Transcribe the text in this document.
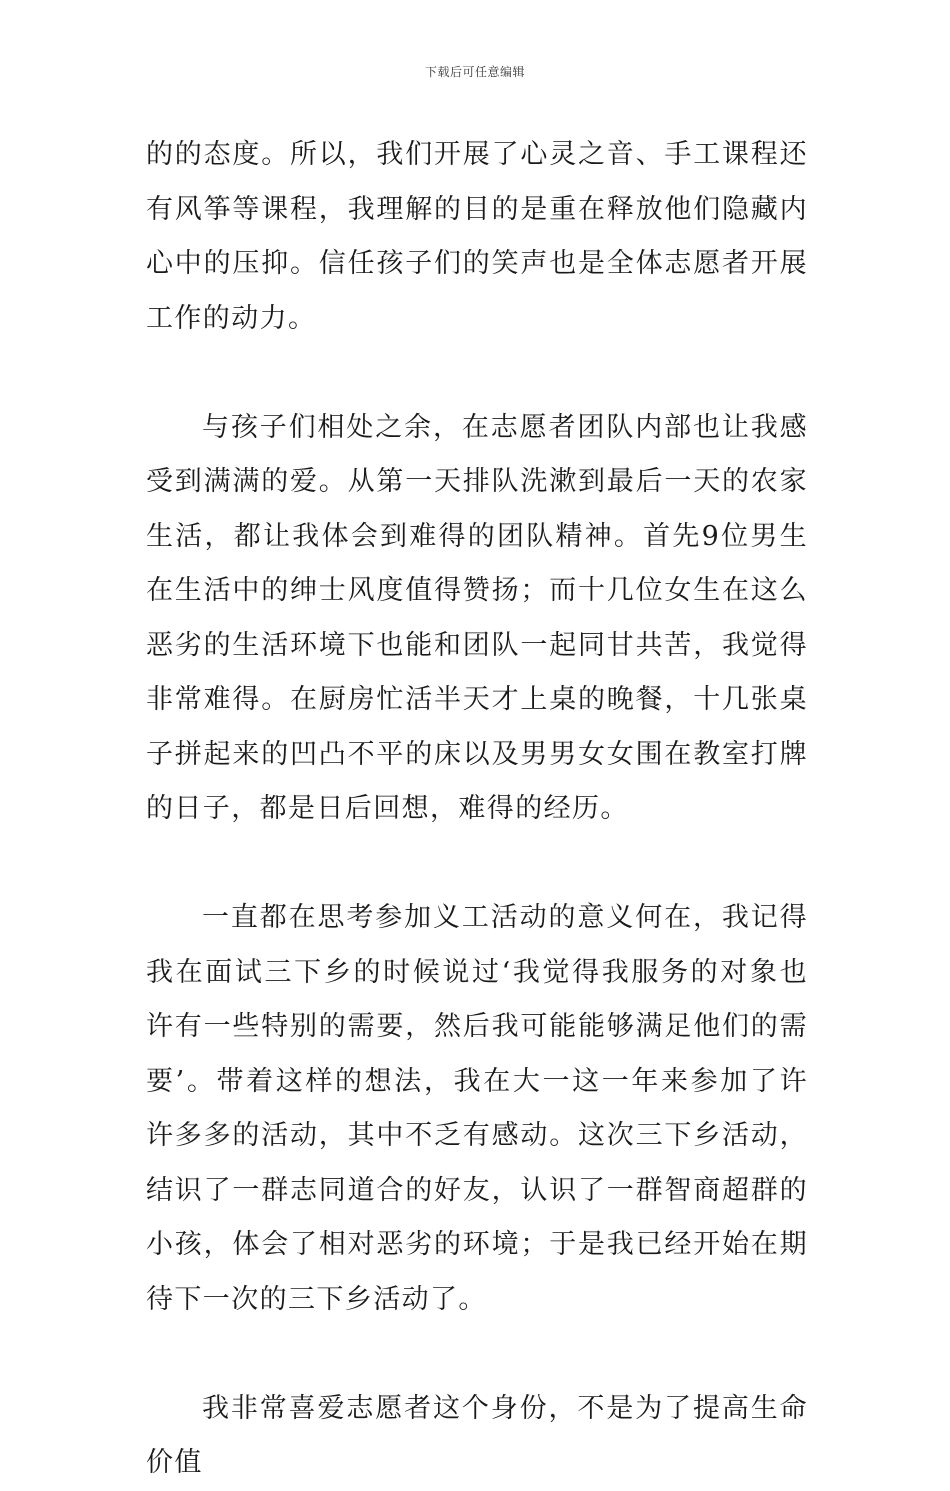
下载后可任意编辑

的的态度。所以，我们开展了心灵之音、手工课程还有风筝等课程，我理解的目的是重在释放他们隐藏内心中的压抑。信任孩子们的笑声也是全体志愿者开展工作的动力。

与孩子们相处之余，在志愿者团队内部也让我感受到满满的爱。从第一天排队洗漱到最后一天的农家生活，都让我体会到难得的团队精神。首先9位男生在生活中的绅士风度值得赞扬；而十几位女生在这么恶劣的生活环境下也能和团队一起同甘共苦，我觉得非常难得。在厨房忙活半天才上桌的晚餐，十几张桌子拼起来的凹凸不平的床以及男男女女围在教室打牌的日子，都是日后回想，难得的经历。

一直都在思考参加义工活动的意义何在，我记得我在面试三下乡的时候说过‘我觉得我服务的对象也许有一些特别的需要，然后我可能能够满足他们的需要’。带着这样的想法，我在大一这一年来参加了许许多多的活动，其中不乏有感动。这次三下乡活动，结识了一群志同道合的好友，认识了一群智商超群的小孩，体会了相对恶劣的环境；于是我已经开始在期待下一次的三下乡活动了。

我非常喜爱志愿者这个身份，不是为了提高生命价值
